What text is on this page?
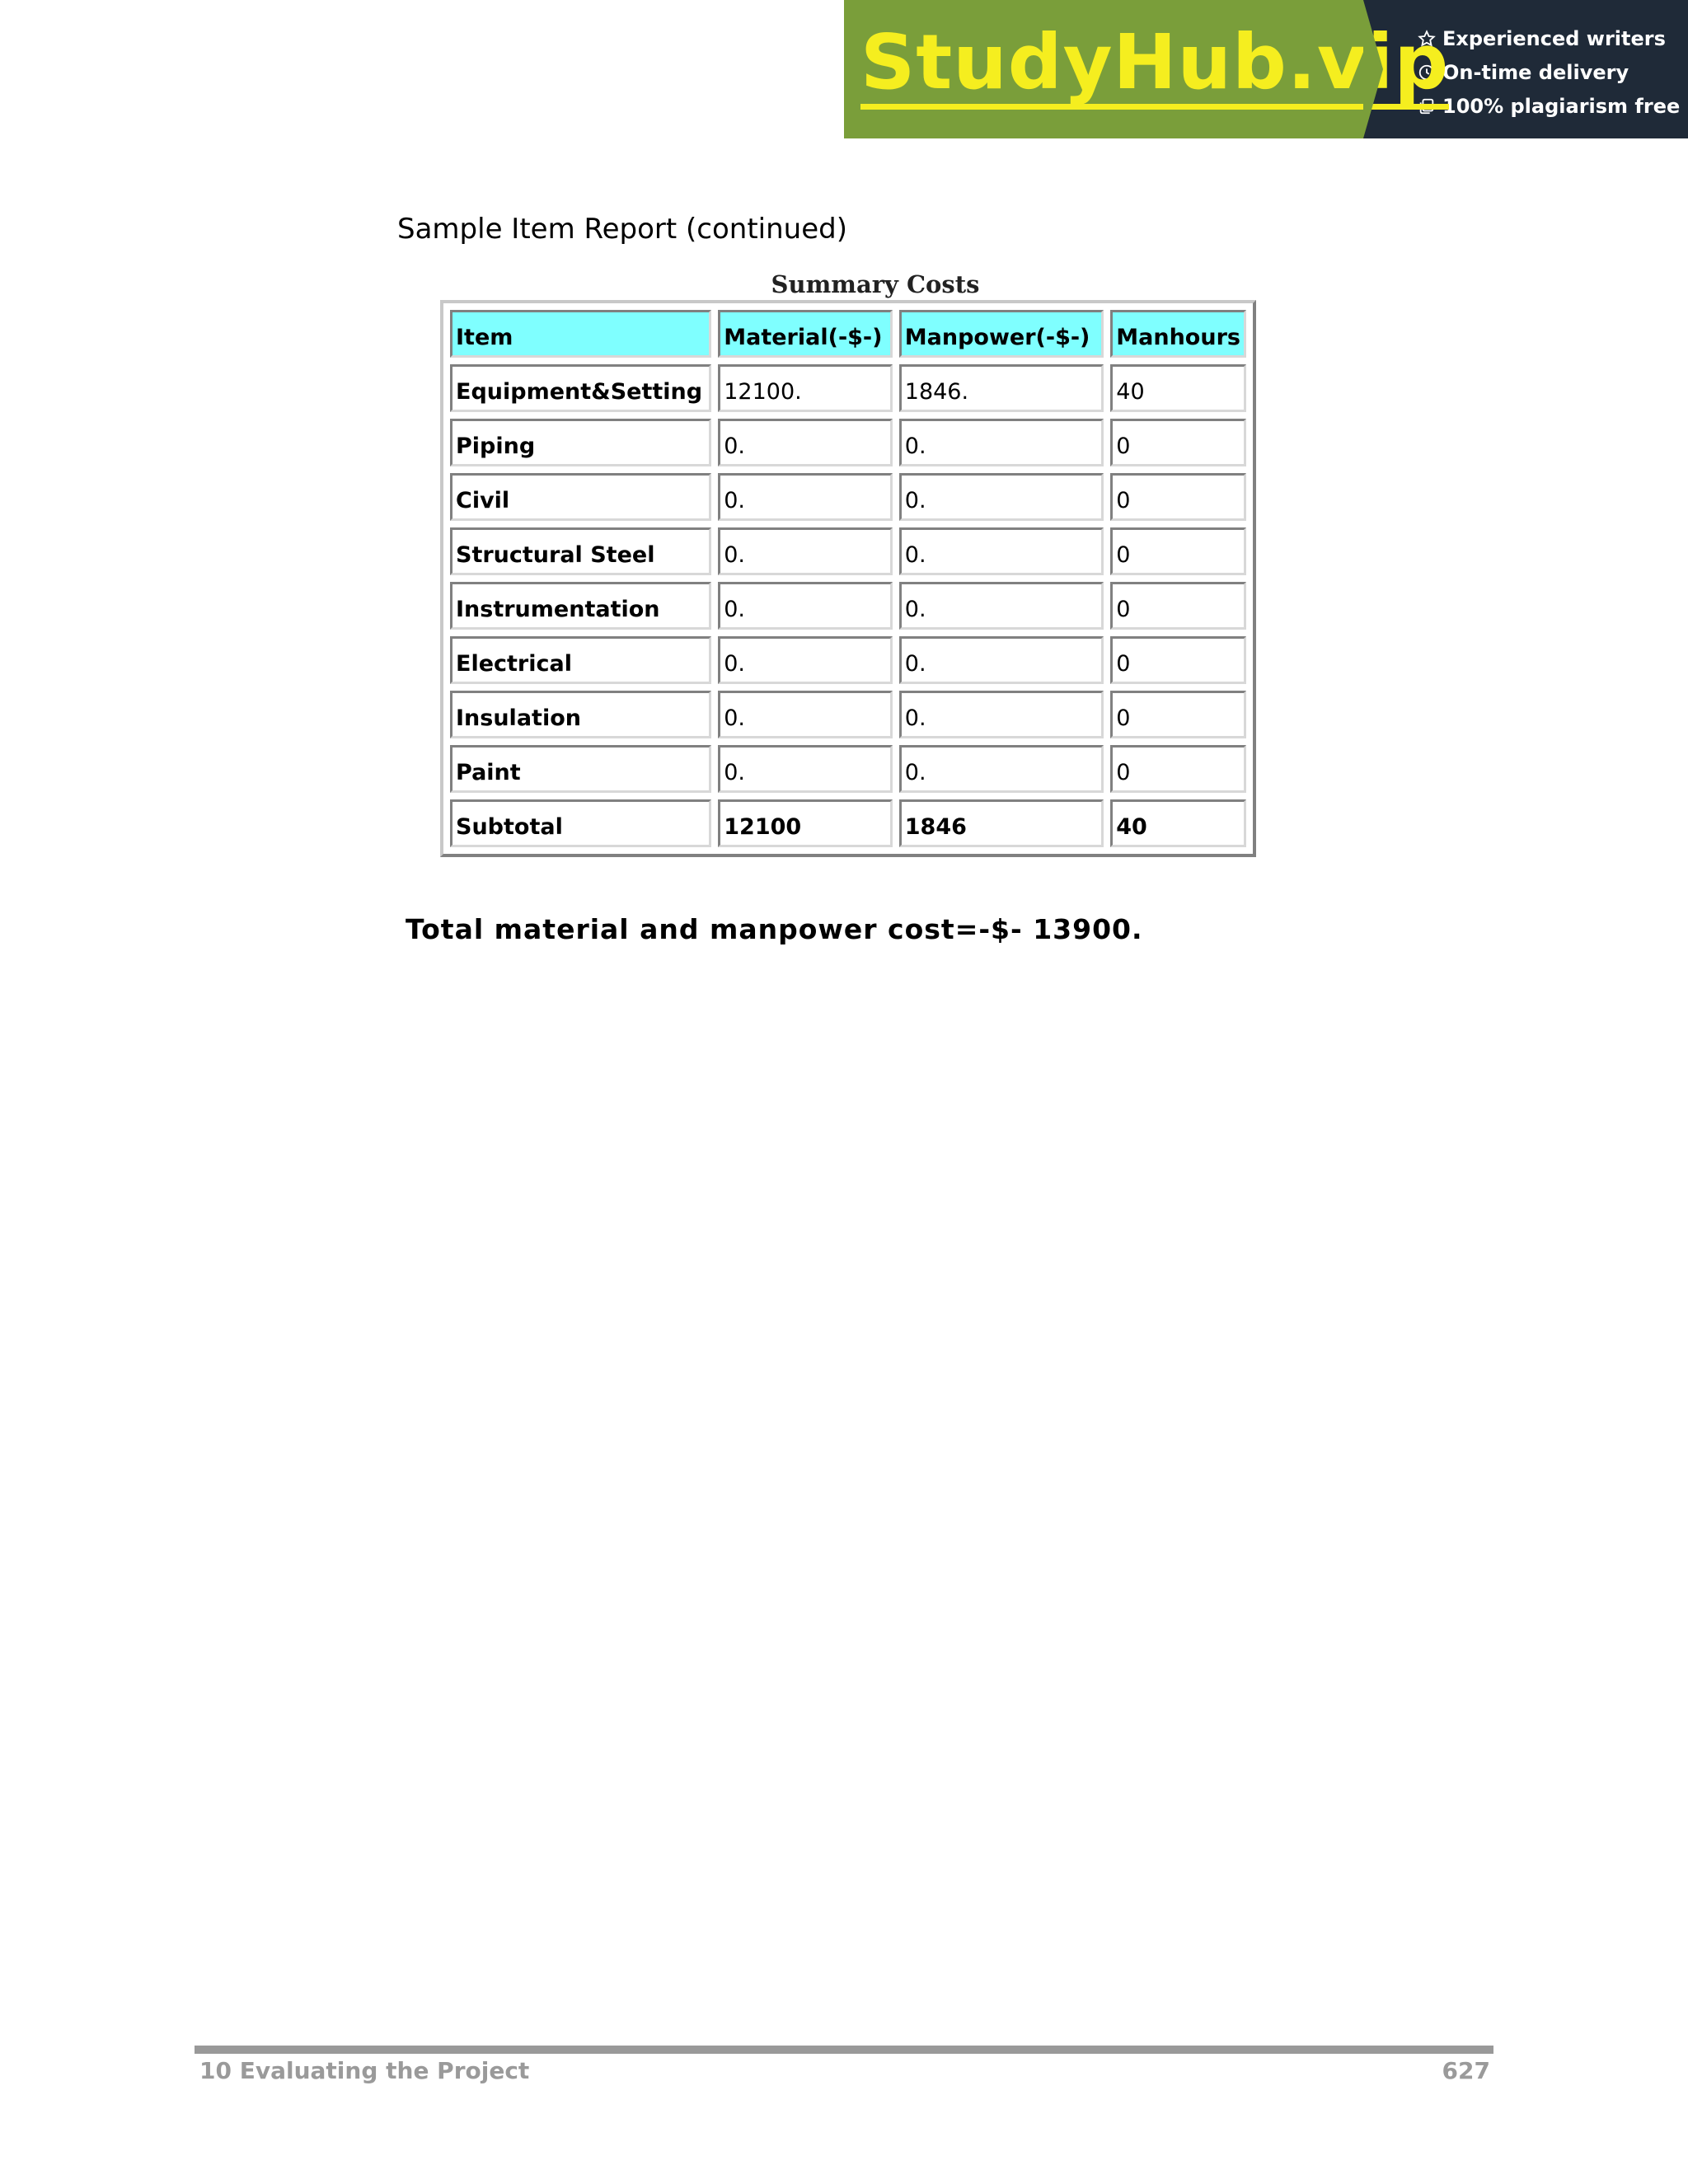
StudyHub.vip
Experienced writers
On-time delivery
100% plagiarism free
Sample Item Report (continued)
Summary Costs
Item	Material(-$-)	Manpower(-$-)	Manhours
Equipment&Setting	12100.	1846.	40
Piping	0.	0.	0
Civil	0.	0.	0
Structural Steel	0.	0.	0
Instrumentation	0.	0.	0
Electrical	0.	0.	0
Insulation	0.	0.	0
Paint	0.	0.	0
Subtotal	12100	1846	40
Total material and manpower cost=-$- 13900.
10 Evaluating the Project	627
